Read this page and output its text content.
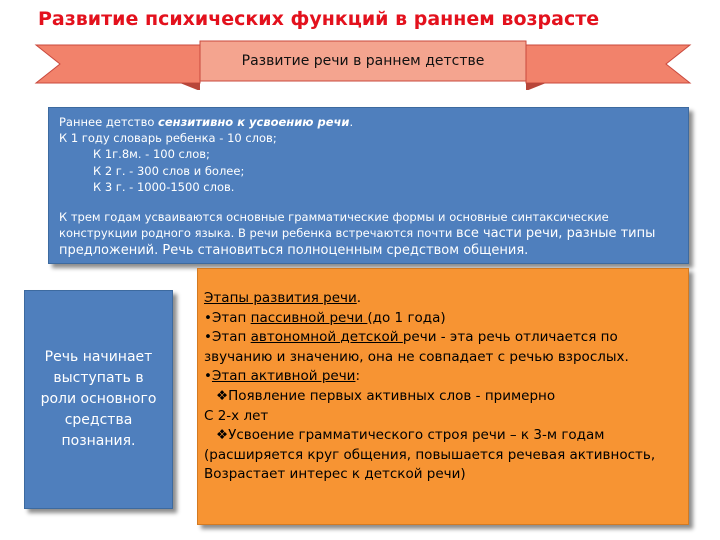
Развитие психических функций в раннем возрасте
Развитие речи в раннем детстве

Раннее детство сензитивно к усвоению речи.

К 1 году словарь ребенка - 10 слов;

К 1г.8м. - 100 слов;

К 2 г. - 300 слов и более;

К 3 г. - 1000-1500 слов.

К трем годам усваиваются основные грамматические формы и основные синтаксические конструкции родного языка. В речи ребенка встречаются почти все части речи, разные типы предложений. Речь становиться полноценным средством общения.

Речь начинает выступать в роли основного средства познания.

Этапы развития речи.

•Этап пассивной речи (до 1 года)

•Этап автономной детской речи - эта речь отличается по звучанию и значению, она не совпадает с речью взрослых.

•Этап активной речи:

❖Появление первых активных слов - примерно

С 2-х лет

❖Усвоение грамматического строя речи – к 3-м годам

(расширяется круг общения, повышается речевая активность, Возрастает интерес к детской речи)
